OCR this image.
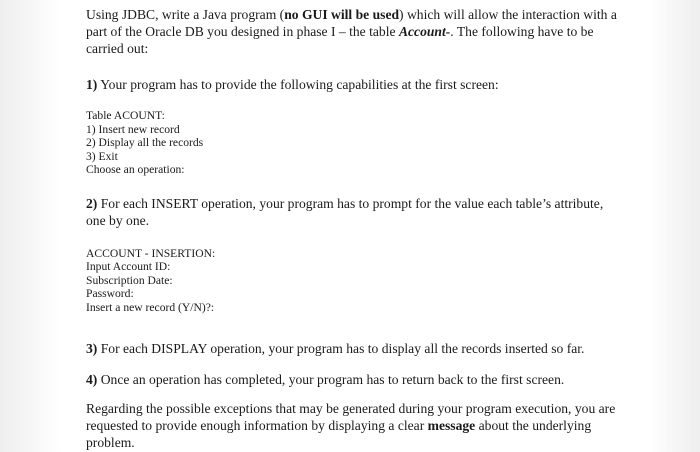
Using JDBC, write a Java program (no GUI will be used) which will allow the interaction with a part of the Oracle DB you designed in phase I – the table Account-. The following have to be carried out:

1) Your program has to provide the following capabilities at the first screen:

Table ACOUNT:
1) Insert new record
2) Display all the records
3) Exit
Choose an operation:

2) For each INSERT operation, your program has to prompt for the value each table’s attribute, one by one.

ACCOUNT - INSERTION:
Input Account ID:
Subscription Date:
Password:
Insert a new record (Y/N)?:

3) For each DISPLAY operation, your program has to display all the records inserted so far.

4) Once an operation has completed, your program has to return back to the first screen.

Regarding the possible exceptions that may be generated during your program execution, you are requested to provide enough information by displaying a clear message about the underlying problem.
